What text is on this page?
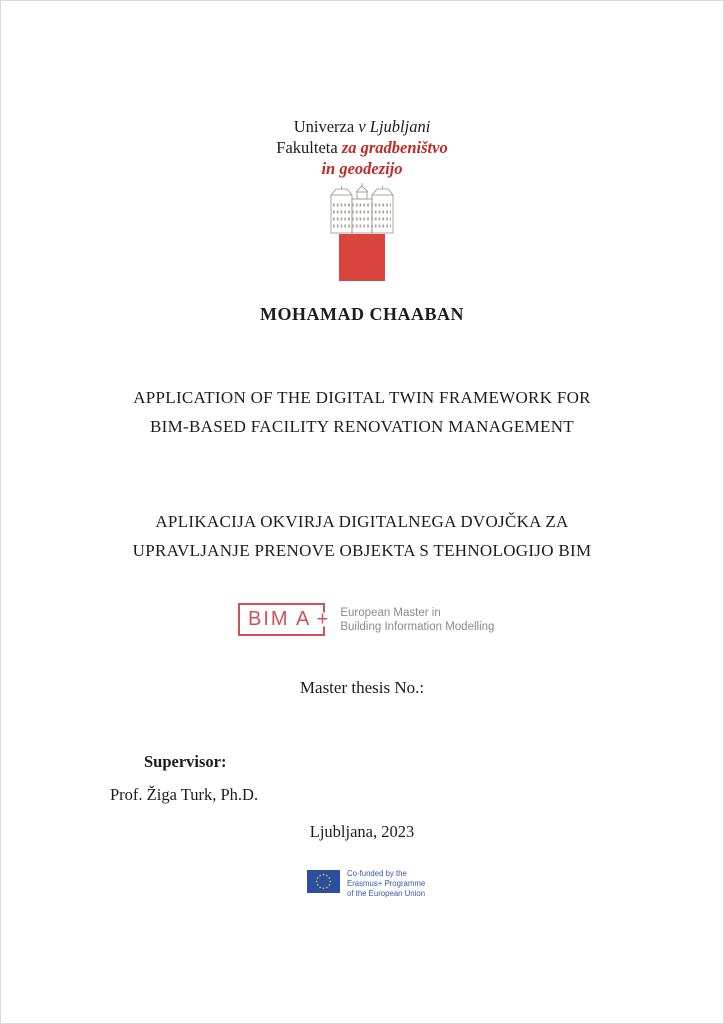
Univerza v Ljubljani
Fakulteta za gradbeništvo
in geodezijo
MOHAMAD CHAABAN
APPLICATION OF THE DIGITAL TWIN FRAMEWORK FOR
BIM-BASED FACILITY RENOVATION MANAGEMENT
APLIKACIJA OKVIRJA DIGITALNEGA DVOJČKA ZA
UPRAVLJANJE PRENOVE OBJEKTA S TEHNOLOGIJO BIM
BIM A + European Master in
Building Information Modelling
Master thesis No.:
Supervisor:
Prof. Žiga Turk, Ph.D.
Ljubljana, 2023
Co-funded by the
Erasmus+ Programme
of the European Union
